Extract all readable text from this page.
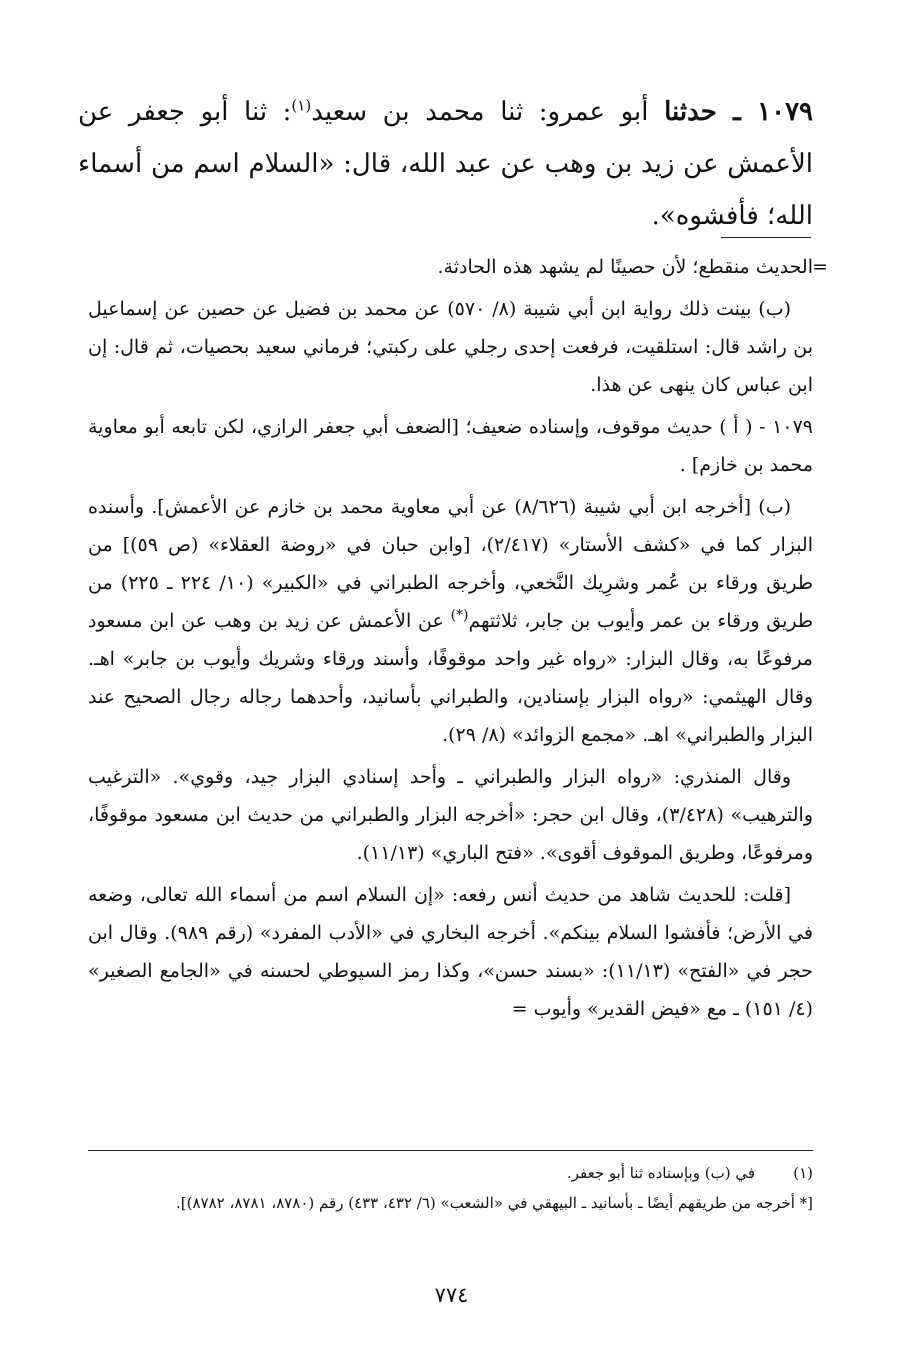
١٠٧٩ ـ حدثنا أبو عمرو: ثنا محمد بن سعيد$^{(١)}$: ثنا أبو جعفر عن الأعمش عن زيد بن وهب عن عبد الله، قال: «السلام اسم من أسماء الله؛ فأفشوه».

=
الحديث منقطع؛ لأن حصينًا لم يشهد هذه الحادثة.

(ب) بينت ذلك رواية ابن أبي شيبة (٨/ ٥٧٠) عن محمد بن فضيل عن حصين عن إسماعيل بن راشد قال: استلقيت، فرفعت إحدى رجلي على ركبتي؛ فرماني سعيد بحصيات، ثم قال: إن ابن عباس كان ينهى عن هذا.

١٠٧٩ - ( أ ) حديث موقوف، وإسناده ضعيف؛ [الضعف أبي جعفر الرازي، لكن تابعه أبو معاوية محمد بن خازم] .

(ب) [أخرجه ابن أبي شيبة (٨/٦٢٦) عن أبي معاوية محمد بن خازم عن الأعمش]. وأسنده البزار كما في «كشف الأستار» (٢/٤١٧)، [وابن حبان في «روضة العقلاء» (ص ٥٩)] من طريق ورقاء بن عُمر وشرِيك النَّخعي، وأخرجه الطبراني في «الكبير» (١٠/ ٢٢٤ ـ ٢٢٥) من طريق ورقاء بن عمر وأيوب بن جابر، ثلاثتهم(*) عن الأعمش عن زيد بن وهب عن ابن مسعود مرفوعًا به، وقال البزار: «رواه غير واحد موقوفًا، وأسند ورقاء وشريك وأيوب بن جابر» اهـ. وقال الهيثمي: «رواه البزار بإسنادين، والطبراني بأسانيد، وأحدهما رجاله رجال الصحيح عند البزار والطبراني» اهـ. «مجمع الزوائد» (٨/ ٢٩).

وقال المنذري: «رواه البزار والطبراني ـ وأحد إسنادي البزار جيد، وقوي». «الترغيب والترهيب» (٣/٤٢٨)، وقال ابن حجر: «أخرجه البزار والطبراني من حديث ابن مسعود موقوفًا، ومرفوعًا، وطريق الموقوف أقوى». «فتح الباري» (١١/١٣).

[قلت: للحديث شاهد من حديث أنس رفعه: «إن السلام اسم من أسماء الله تعالى، وضعه في الأرض؛ فأفشوا السلام بينكم». أخرجه البخاري في «الأدب المفرد» (رقم ٩٨٩). وقال ابن حجر في «الفتح» (١١/١٣): «بسند حسن»، وكذا رمز السيوطي لحسنه في «الجامع الصغير» (٤/ ١٥١) ـ مع «فيض القدير» وأيوب =

(١)
في (ب) وبإسناده ثنا أبو جعفر.
[* أخرجه من طريقهم أيضًا ـ بأسانيد ـ البيهقي في «الشعب» (٦/ ٤٣٢، ٤٣٣) رقم (٨٧٨٠، ٨٧٨١، ٨٧٨٢)].
٧٧٤
